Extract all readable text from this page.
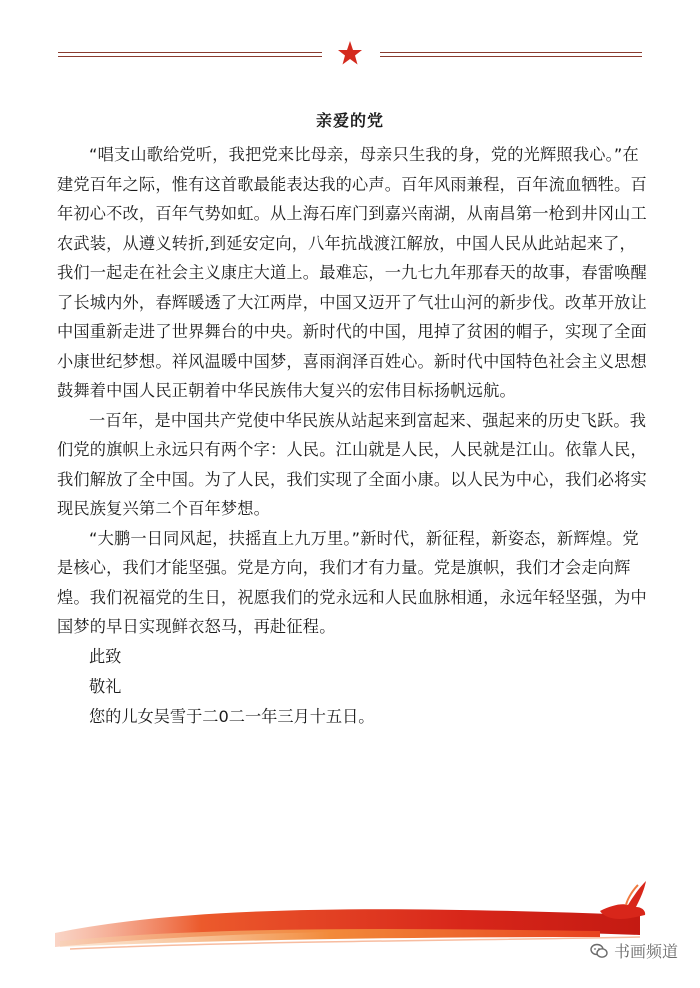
亲爱的党

“唱支山歌给党听，我把党来比母亲，母亲只生我的身，党的光辉照我心。”在建党百年之际，惟有这首歌最能表达我的心声。百年风雨兼程，百年流血牺牲。百年初心不改，百年气势如虹。从上海石库门到嘉兴南湖，从南昌第一枪到井冈山工农武装，从遵义转折,到延安定向，八年抗战渡江解放，中国人民从此站起来了，我们一起走在社会主义康庄大道上。最难忘，一九七九年那春天的故事，春雷唤醒了长城内外，春辉暖透了大江两岸，中国又迈开了气壮山河的新步伐。改革开放让中国重新走进了世界舞台的中央。新时代的中国，甩掉了贫困的帽子，实现了全面小康世纪梦想。祥风温暖中国梦，喜雨润泽百姓心。新时代中国特色社会主义思想鼓舞着中国人民正朝着中华民族伟大复兴的宏伟目标扬帆远航。

一百年，是中国共产党使中华民族从站起来到富起来、强起来的历史飞跃。我们党的旗帜上永远只有两个字：人民。江山就是人民，人民就是江山。依靠人民，我们解放了全中国。为了人民，我们实现了全面小康。以人民为中心，我们必将实现民族复兴第二个百年梦想。

“大鹏一日同风起，扶摇直上九万里。”新时代，新征程，新姿态，新辉煌。党是核心，我们才能坚强。党是方向，我们才有力量。党是旗帜，我们才会走向辉煌。我们祝福党的生日，祝愿我们的党永远和人民血脉相通，永远年轻坚强，为中国梦的早日实现鲜衣怒马，再赴征程。

此致

敬礼

您的儿女吴雪于二0二一年三月十五日。

书画频道
